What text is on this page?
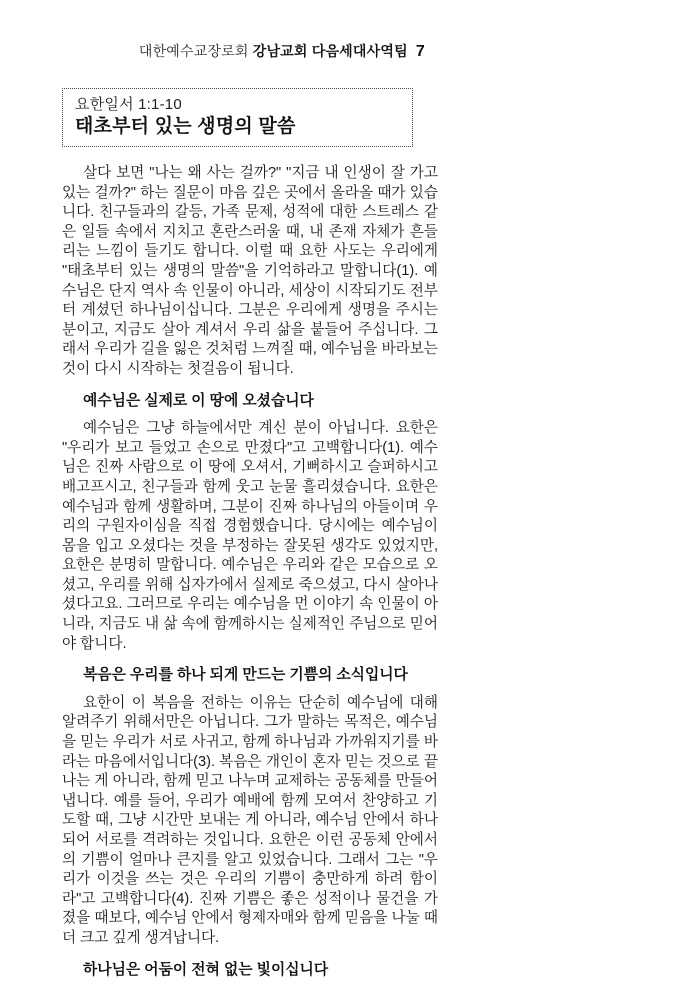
대한예수교장로회 강남교회 다음세대사역팀 7
요한일서 1:1-10
태초부터 있는 생명의 말씀

살다 보면 "나는 왜 사는 걸까?" "지금 내 인생이 잘 가고 있는 걸까?" 하는 질문이 마음 깊은 곳에서 올라올 때가 있습니다. 친구들과의 갈등, 가족 문제, 성적에 대한 스트레스 같은 일들 속에서 지치고 혼란스러울 때, 내 존재 자체가 흔들리는 느낌이 들기도 합니다. 이럴 때 요한 사도는 우리에게 "태초부터 있는 생명의 말씀"을 기억하라고 말합니다(1). 예수님은 단지 역사 속 인물이 아니라, 세상이 시작되기도 전부터 계셨던 하나님이십니다. 그분은 우리에게 생명을 주시는 분이고, 지금도 살아 계셔서 우리 삶을 붙들어 주십니다. 그래서 우리가 길을 잃은 것처럼 느껴질 때, 예수님을 바라보는 것이 다시 시작하는 첫걸음이 됩니다.

예수님은 실제로 이 땅에 오셨습니다

예수님은 그냥 하늘에서만 계신 분이 아닙니다. 요한은 "우리가 보고 들었고 손으로 만졌다"고 고백합니다(1). 예수님은 진짜 사람으로 이 땅에 오셔서, 기뻐하시고 슬퍼하시고 배고프시고, 친구들과 함께 웃고 눈물 흘리셨습니다. 요한은 예수님과 함께 생활하며, 그분이 진짜 하나님의 아들이며 우리의 구원자이심을 직접 경험했습니다. 당시에는 예수님이 몸을 입고 오셨다는 것을 부정하는 잘못된 생각도 있었지만, 요한은 분명히 말합니다. 예수님은 우리와 같은 모습으로 오셨고, 우리를 위해 십자가에서 실제로 죽으셨고, 다시 살아나셨다고요. 그러므로 우리는 예수님을 먼 이야기 속 인물이 아니라, 지금도 내 삶 속에 함께하시는 실제적인 주님으로 믿어야 합니다.

복음은 우리를 하나 되게 만드는 기쁨의 소식입니다

요한이 이 복음을 전하는 이유는 단순히 예수님에 대해 알려주기 위해서만은 아닙니다. 그가 말하는 목적은, 예수님을 믿는 우리가 서로 사귀고, 함께 하나님과 가까워지기를 바라는 마음에서입니다(3). 복음은 개인이 혼자 믿는 것으로 끝나는 게 아니라, 함께 믿고 나누며 교제하는 공동체를 만들어냅니다. 예를 들어, 우리가 예배에 함께 모여서 찬양하고 기도할 때, 그냥 시간만 보내는 게 아니라, 예수님 안에서 하나 되어 서로를 격려하는 것입니다. 요한은 이런 공동체 안에서의 기쁨이 얼마나 큰지를 알고 있었습니다. 그래서 그는 "우리가 이것을 쓰는 것은 우리의 기쁨이 충만하게 하려 함이라"고 고백합니다(4). 진짜 기쁨은 좋은 성적이나 물건을 가졌을 때보다, 예수님 안에서 형제자매와 함께 믿음을 나눌 때 더 크고 깊게 생겨납니다.

하나님은 어둠이 전혀 없는 빛이십니다
